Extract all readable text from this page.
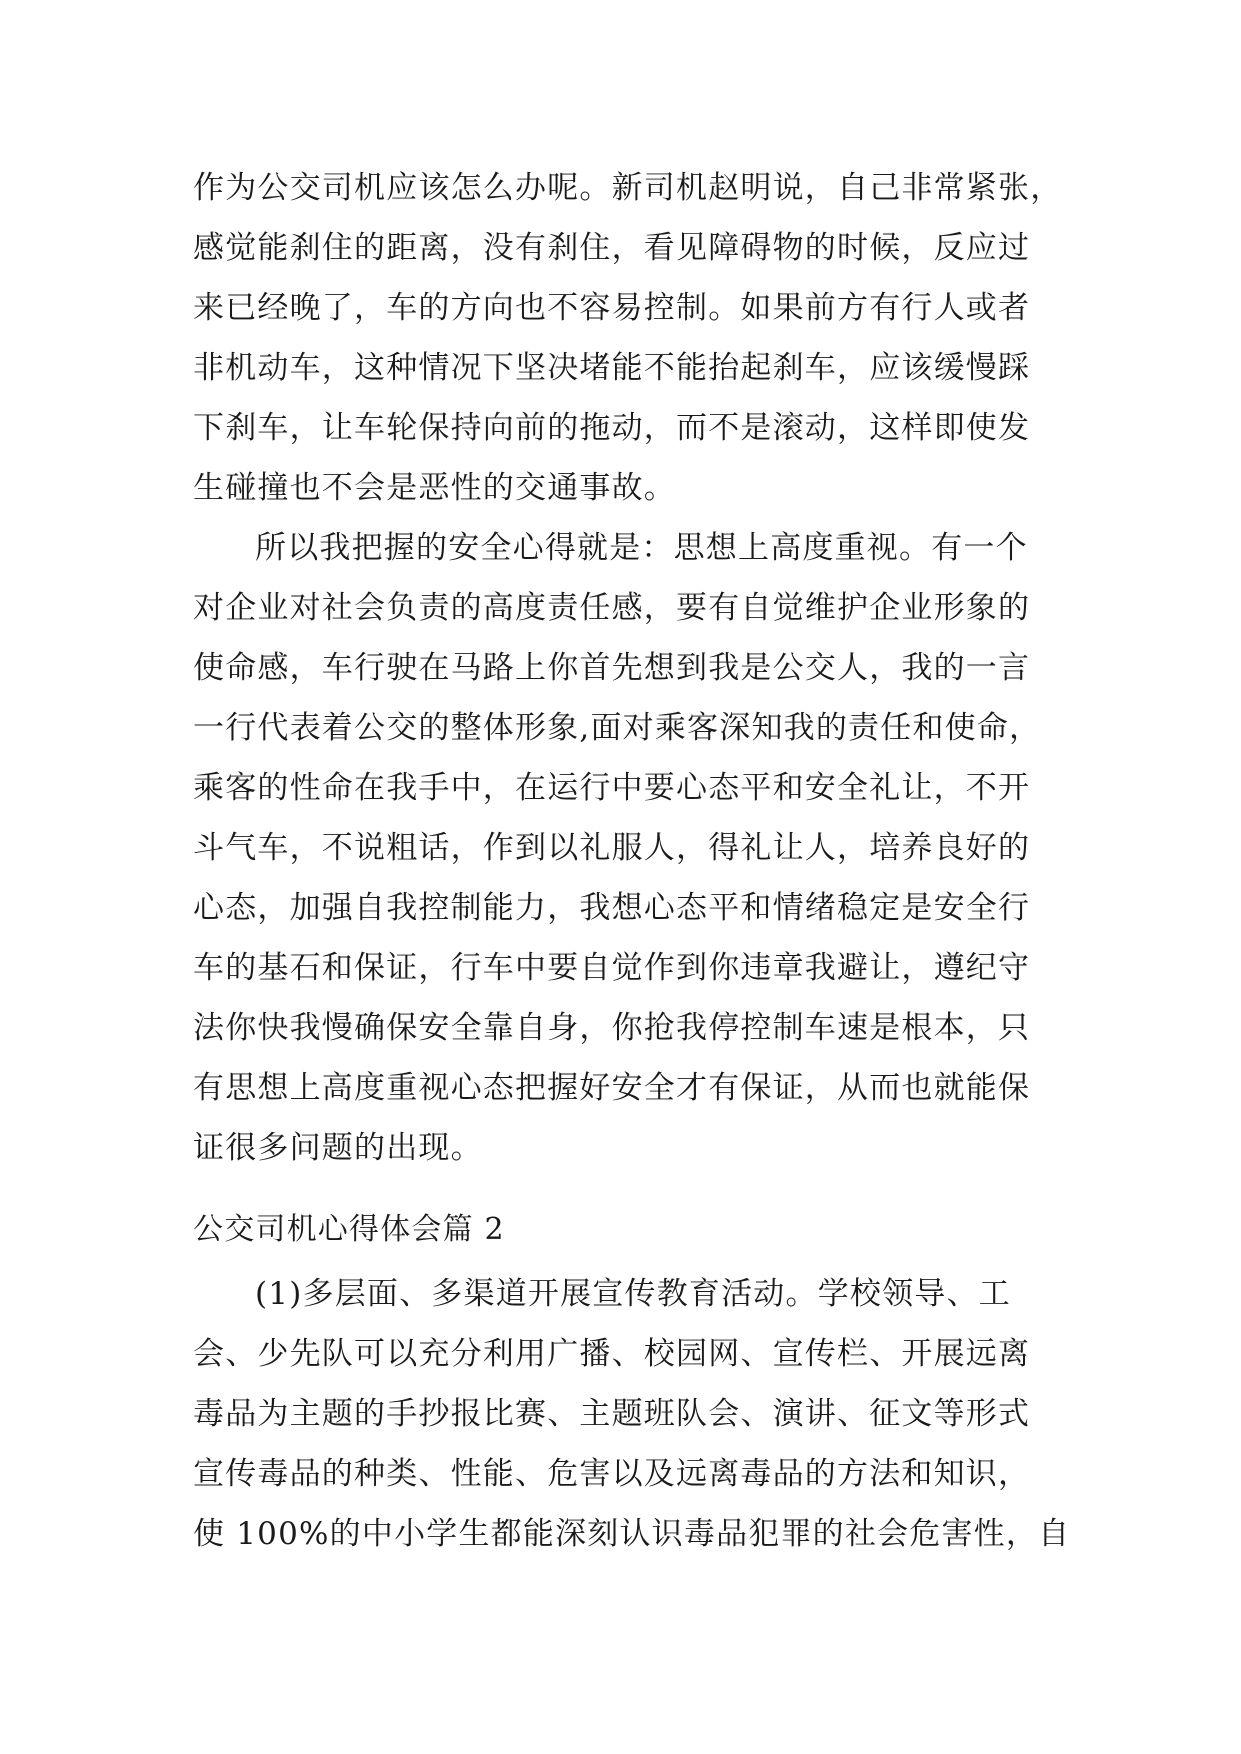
作为公交司机应该怎么办呢。新司机赵明说，自己非常紧张，
感觉能刹住的距离，没有刹住，看见障碍物的时候，反应过
来已经晚了，车的方向也不容易控制。如果前方有行人或者
非机动车，这种情况下坚决堵能不能抬起刹车，应该缓慢踩
下刹车，让车轮保持向前的拖动，而不是滚动，这样即使发
生碰撞也不会是恶性的交通事故。
所以我把握的安全心得就是：思想上高度重视。有一个
对企业对社会负责的高度责任感，要有自觉维护企业形象的
使命感，车行驶在马路上你首先想到我是公交人，我的一言
一行代表着公交的整体形象,面对乘客深知我的责任和使命，
乘客的性命在我手中，在运行中要心态平和安全礼让，不开
斗气车，不说粗话，作到以礼服人，得礼让人，培养良好的
心态，加强自我控制能力，我想心态平和情绪稳定是安全行
车的基石和保证，行车中要自觉作到你违章我避让，遵纪守
法你快我慢确保安全靠自身，你抢我停控制车速是根本，只
有思想上高度重视心态把握好安全才有保证，从而也就能保
证很多问题的出现。
公交司机心得体会篇 2
(1)多层面、多渠道开展宣传教育活动。学校领导、工
会、少先队可以充分利用广播、校园网、宣传栏、开展远离
毒品为主题的手抄报比赛、主题班队会、演讲、征文等形式
宣传毒品的种类、性能、危害以及远离毒品的方法和知识，
使 100%的中小学生都能深刻认识毒品犯罪的社会危害性，自
